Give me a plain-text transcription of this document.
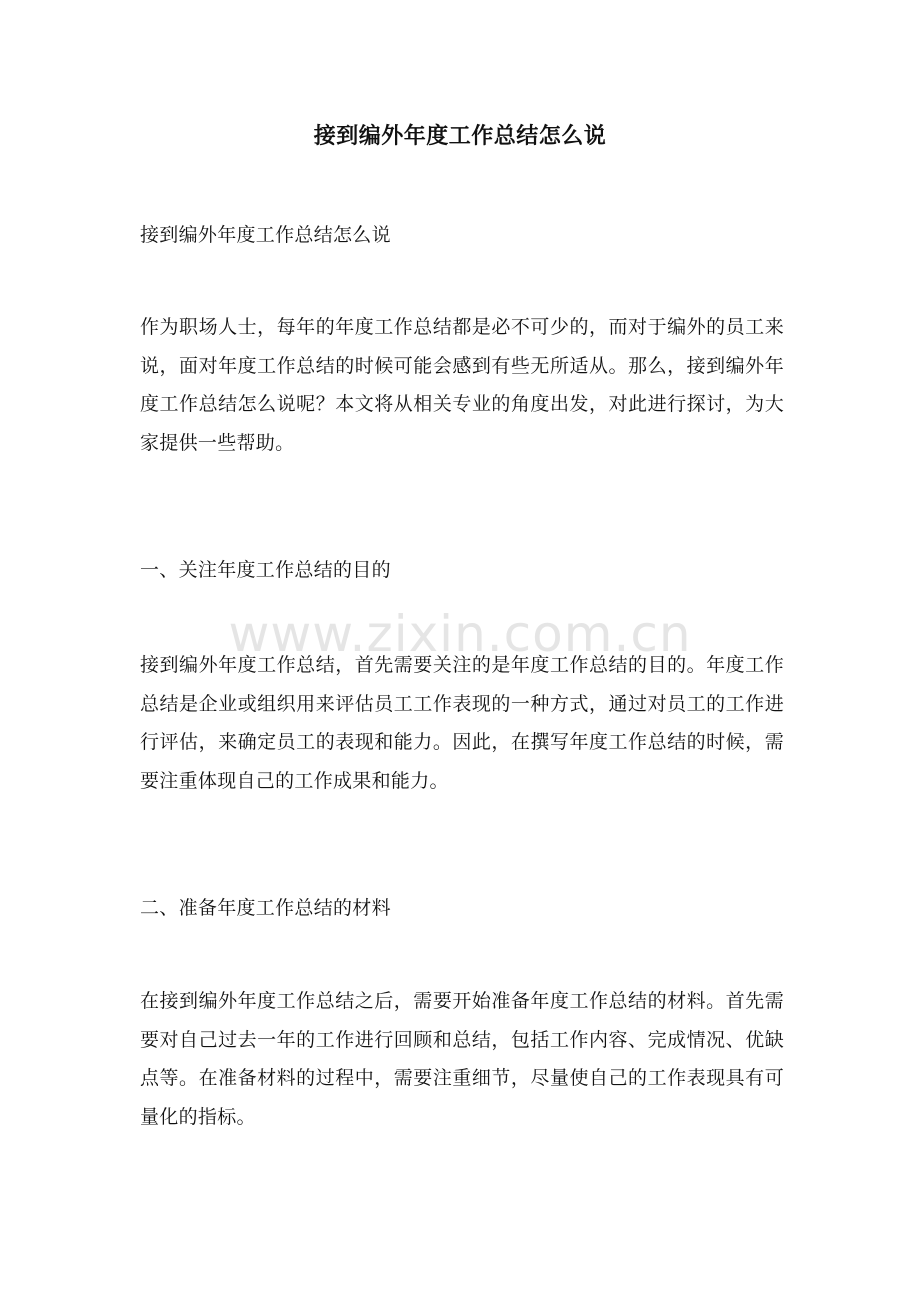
接到编外年度工作总结怎么说
接到编外年度工作总结怎么说
作为职场人士，每年的年度工作总结都是必不可少的，而对于编外的员工来说，面对年度工作总结的时候可能会感到有些无所适从。那么，接到编外年度工作总结怎么说呢？本文将从相关专业的角度出发，对此进行探讨，为大家提供一些帮助。
一、关注年度工作总结的目的
接到编外年度工作总结，首先需要关注的是年度工作总结的目的。年度工作总结是企业或组织用来评估员工工作表现的一种方式，通过对员工的工作进行评估，来确定员工的表现和能力。因此，在撰写年度工作总结的时候，需要注重体现自己的工作成果和能力。
二、准备年度工作总结的材料
在接到编外年度工作总结之后，需要开始准备年度工作总结的材料。首先需要对自己过去一年的工作进行回顾和总结，包括工作内容、完成情况、优缺点等。在准备材料的过程中，需要注重细节，尽量使自己的工作表现具有可量化的指标。
www.zixin.com.cn
